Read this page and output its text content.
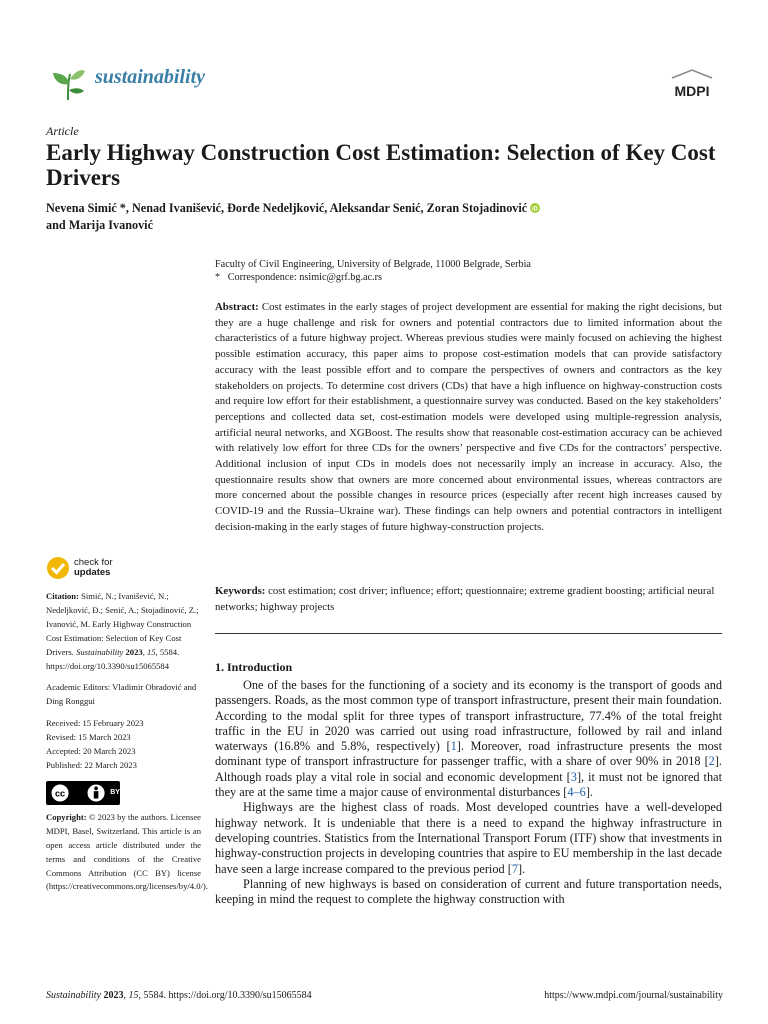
sustainability
MDPI
Article
Early Highway Construction Cost Estimation: Selection of Key Cost Drivers
Nevena Simić *, Nenad Ivanišević, Đorđe Nedeljković, Aleksandar Senić, Zoran Stojadinović iD

and Marija Ivanović

Faculty of Civil Engineering, University of Belgrade, 11000 Belgrade, Serbia

* Correspondence: nsimic@grf.bg.ac.rs

Abstract: Cost estimates in the early stages of project development are essential for making the right decisions, but they are a huge challenge and risk for owners and potential contractors due to limited information about the characteristics of a future highway project. Whereas previous studies were mainly focused on achieving the highest possible estimation accuracy, this paper aims to propose cost-estimation models that can provide satisfactory accuracy with the least possible effort and to compare the perspectives of owners and contractors as the key stakeholders on projects. To determine cost drivers (CDs) that have a high influence on highway-construction costs and require low effort for their establishment, a questionnaire survey was conducted. Based on the key stakeholders’ perceptions and collected data set, cost-estimation models were developed using multiple-regression analysis, artificial neural networks, and XGBoost. The results show that reasonable cost-estimation accuracy can be achieved with relatively low effort for three CDs for the owners’ perspective and five CDs for the contractors’ perspective. Additional inclusion of input CDs in models does not necessarily imply an increase in accuracy. Also, the questionnaire results show that owners are more concerned about environmental issues, whereas contractors are more concerned about the possible changes in resource prices (especially after recent high increases caused by COVID-19 and the Russia–Ukraine war). These findings can help owners and potential contractors in intelligent decision-making in the early stages of future highway-construction projects.
Keywords: cost estimation; cost driver; influence; effort; questionnaire; extreme gradient boosting; artificial neural networks; highway projects
1. Introduction

One of the bases for the functioning of a society and its economy is the transport of goods and passengers. Roads, as the most common type of transport infrastructure, present their main foundation. According to the modal split for three types of transport infrastructure, 77.4% of the total freight traffic in the EU in 2020 was carried out using road infrastructure, followed by rail and inland waterways (16.8% and 5.8%, respectively) [1]. Moreover, road infrastructure presents the most dominant type of transport infrastructure for passenger traffic, with a share of over 90% in 2018 [2]. Although roads play a vital role in social and economic development [3], it must not be ignored that they are at the same time a major cause of environmental disturbances [4–6].

Highways are the highest class of roads. Most developed countries have a well-developed highway network. It is undeniable that there is a need to expand the highway infrastructure in developing countries. Statistics from the International Transport Forum (ITF) show that investments in highway-construction projects in developing countries that aspire to EU membership in the last decade have seen a large increase compared to the previous period [7].

Planning of new highways is based on consideration of current and future transportation needs, keeping in mind the request to complete the highway construction with

check for
updates
Citation: Simić, N.; Ivanišević, N.; Nedeljković, Đ.; Senić, A.; Stojadinović, Z.; Ivanović, M. Early Highway Construction Cost Estimation: Selection of Key Cost Drivers. Sustainability 2023, 15, 5584. https://doi.org/10.3390/su15065584
Academic Editors: Vladimir Obradović and Ding Ronggui
Received: 15 February 2023
Revised: 15 March 2023
Accepted: 20 March 2023
Published: 22 March 2023
cc	BY
Copyright: © 2023 by the authors. Licensee MDPI, Basel, Switzerland. This article is an open access article distributed under the terms and conditions of the Creative Commons Attribution (CC BY) license (https://creativecommons.org/licenses/by/4.0/).
Sustainability 2023, 15, 5584. https://doi.org/10.3390/su15065584	https://www.mdpi.com/journal/sustainability
